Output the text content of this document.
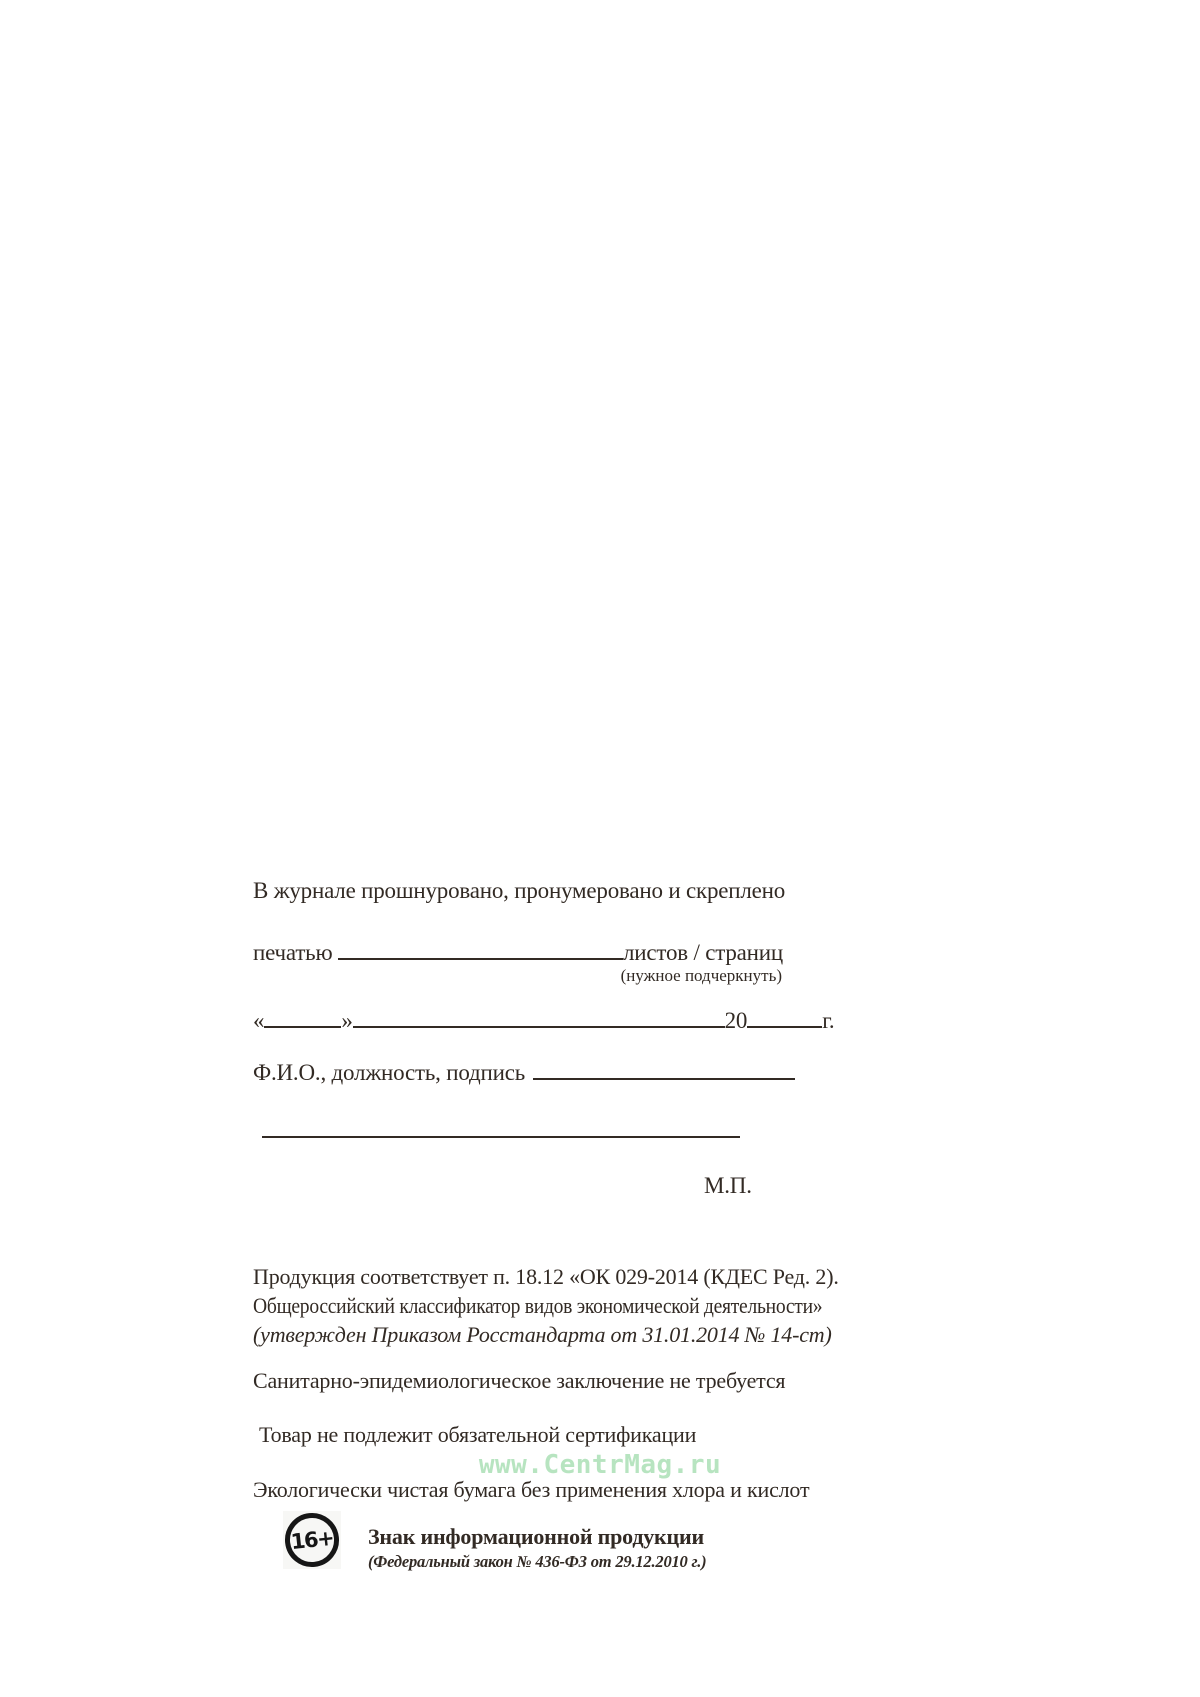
В журнале прошнуровано, пронумеровано и скреплено
печатью	листов / страниц
(нужное подчеркнуть)
«	»	20	г.
Ф.И.О., должность, подпись
М.П.
Продукция соответствует п. 18.12 «ОК 029-2014 (КДЕС Ред. 2).
Общероссийский классификатор видов экономической деятельности»
(утвержден Приказом Росстандарта от 31.01.2014 № 14-ст)
Санитарно-эпидемиологическое заключение не требуется
Товар не подлежит обязательной сертификации
www.CentrMag.ru
Экологически чистая бумага без применения хлора и кислот
16+	Знак информационной продукции
(Федеральный закон № 436-ФЗ от 29.12.2010 г.)
